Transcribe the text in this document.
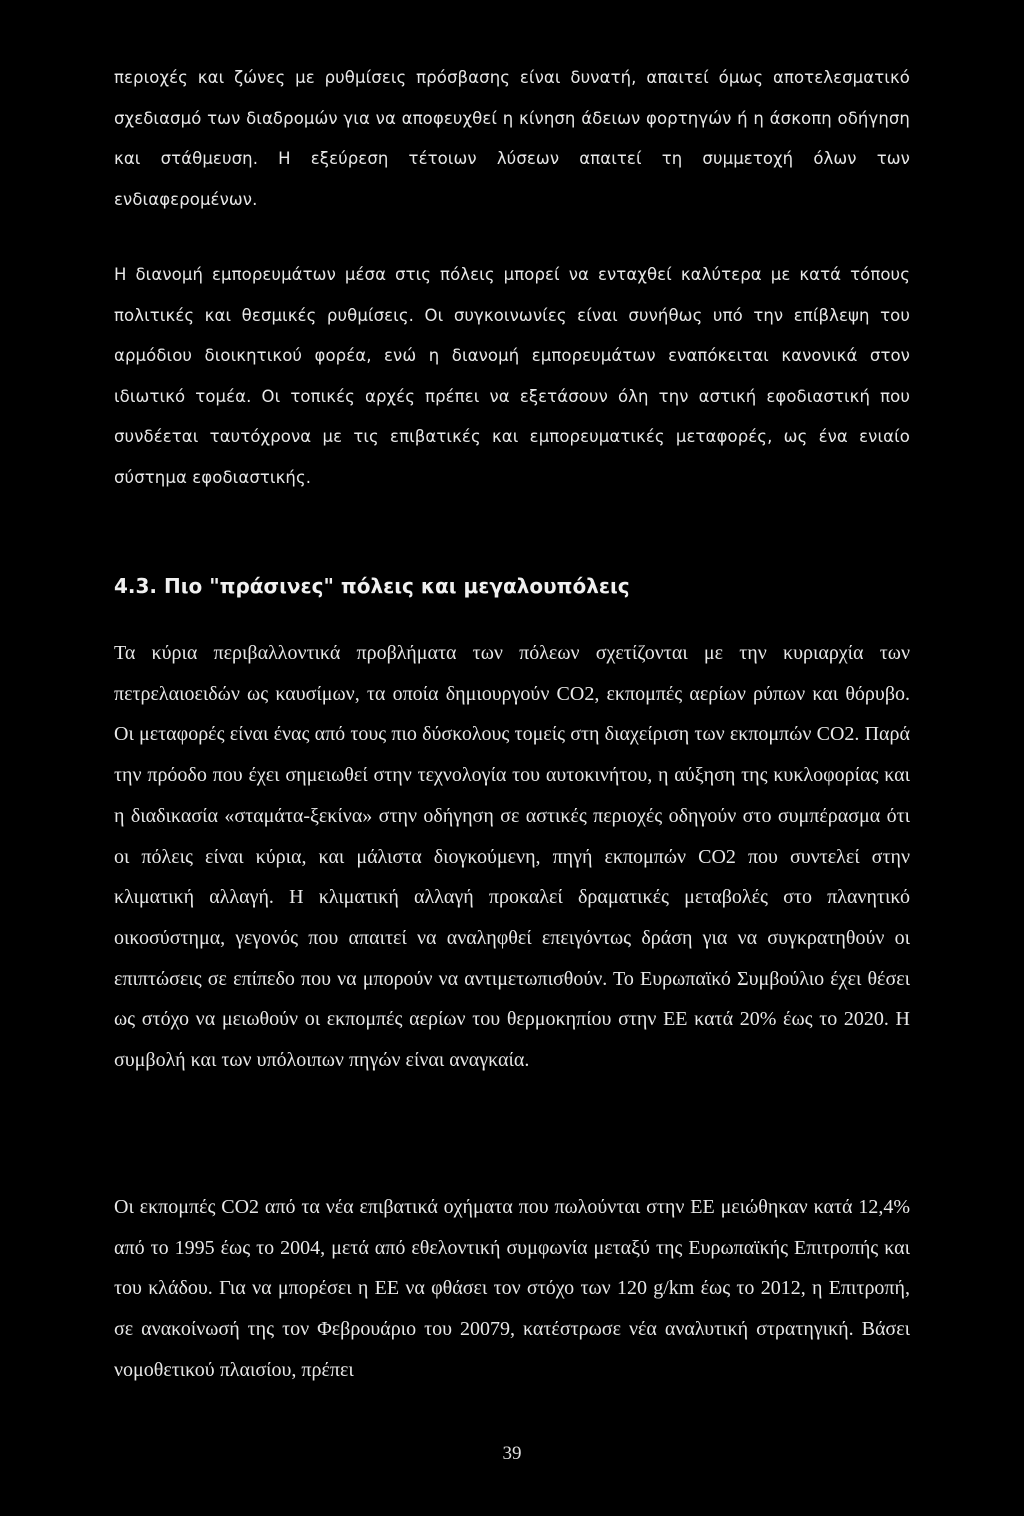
περιοχές και ζώνες με ρυθμίσεις πρόσβασης είναι δυνατή, απαιτεί όμως αποτελεσματικό σχεδιασμό των διαδρομών για να αποφευχθεί η κίνηση άδειων φορτηγών ή η άσκοπη οδήγηση και στάθμευση. Η εξεύρεση τέτοιων λύσεων απαιτεί τη συμμετοχή όλων των ενδιαφερομένων.

Η διανομή εμπορευμάτων μέσα στις πόλεις μπορεί να ενταχθεί καλύτερα με κατά τόπους πολιτικές και θεσμικές ρυθμίσεις. Οι συγκοινωνίες είναι συνήθως υπό την επίβλεψη του αρμόδιου διοικητικού φορέα, ενώ η διανομή εμπορευμάτων εναπόκειται κανονικά στον ιδιωτικό τομέα. Οι τοπικές αρχές πρέπει να εξετάσουν όλη την αστική εφοδιαστική που συνδέεται ταυτόχρονα με τις επιβατικές και εμπορευματικές μεταφορές, ως ένα ενιαίο σύστημα εφοδιαστικής.

4.3. Πιο "πράσινες" πόλεις και μεγαλουπόλεις

Τα κύρια περιβαλλοντικά προβλήματα των πόλεων σχετίζονται με την κυριαρχία των πετρελαιοειδών ως καυσίμων, τα οποία δημιουργούν CO2, εκπομπές αερίων ρύπων και θόρυβο. Οι μεταφορές είναι ένας από τους πιο δύσκολους τομείς στη διαχείριση των εκπομπών CO2. Παρά την πρόοδο που έχει σημειωθεί στην τεχνολογία του αυτοκινήτου, η αύξηση της κυκλοφορίας και η διαδικασία «σταμάτα-ξεκίνα» στην οδήγηση σε αστικές περιοχές οδηγούν στο συμπέρασμα ότι οι πόλεις είναι κύρια, και μάλιστα διογκούμενη, πηγή εκπομπών CO2 που συντελεί στην κλιματική αλλαγή. Η κλιματική αλλαγή προκαλεί δραματικές μεταβολές στο πλανητικό οικοσύστημα, γεγονός που απαιτεί να αναληφθεί επειγόντως δράση για να συγκρατηθούν οι επιπτώσεις σε επίπεδο που να μπορούν να αντιμετωπισθούν. Το Ευρωπαϊκό Συμβούλιο έχει θέσει ως στόχο να μειωθούν οι εκπομπές αερίων του θερμοκηπίου στην ΕΕ κατά 20% έως το 2020. Η συμβολή και των υπόλοιπων πηγών είναι αναγκαία.

Οι εκπομπές CO2 από τα νέα επιβατικά οχήματα που πωλούνται στην ΕΕ μειώθηκαν κατά 12,4% από το 1995 έως το 2004, μετά από εθελοντική συμφωνία μεταξύ της Ευρωπαϊκής Επιτροπής και του κλάδου. Για να μπορέσει η ΕΕ να φθάσει τον στόχο των 120 g/km έως το 2012, η Επιτροπή, σε ανακοίνωσή της τον Φεβρουάριο του 20079, κατέστρωσε νέα αναλυτική στρατηγική. Βάσει νομοθετικού πλαισίου, πρέπει

39
